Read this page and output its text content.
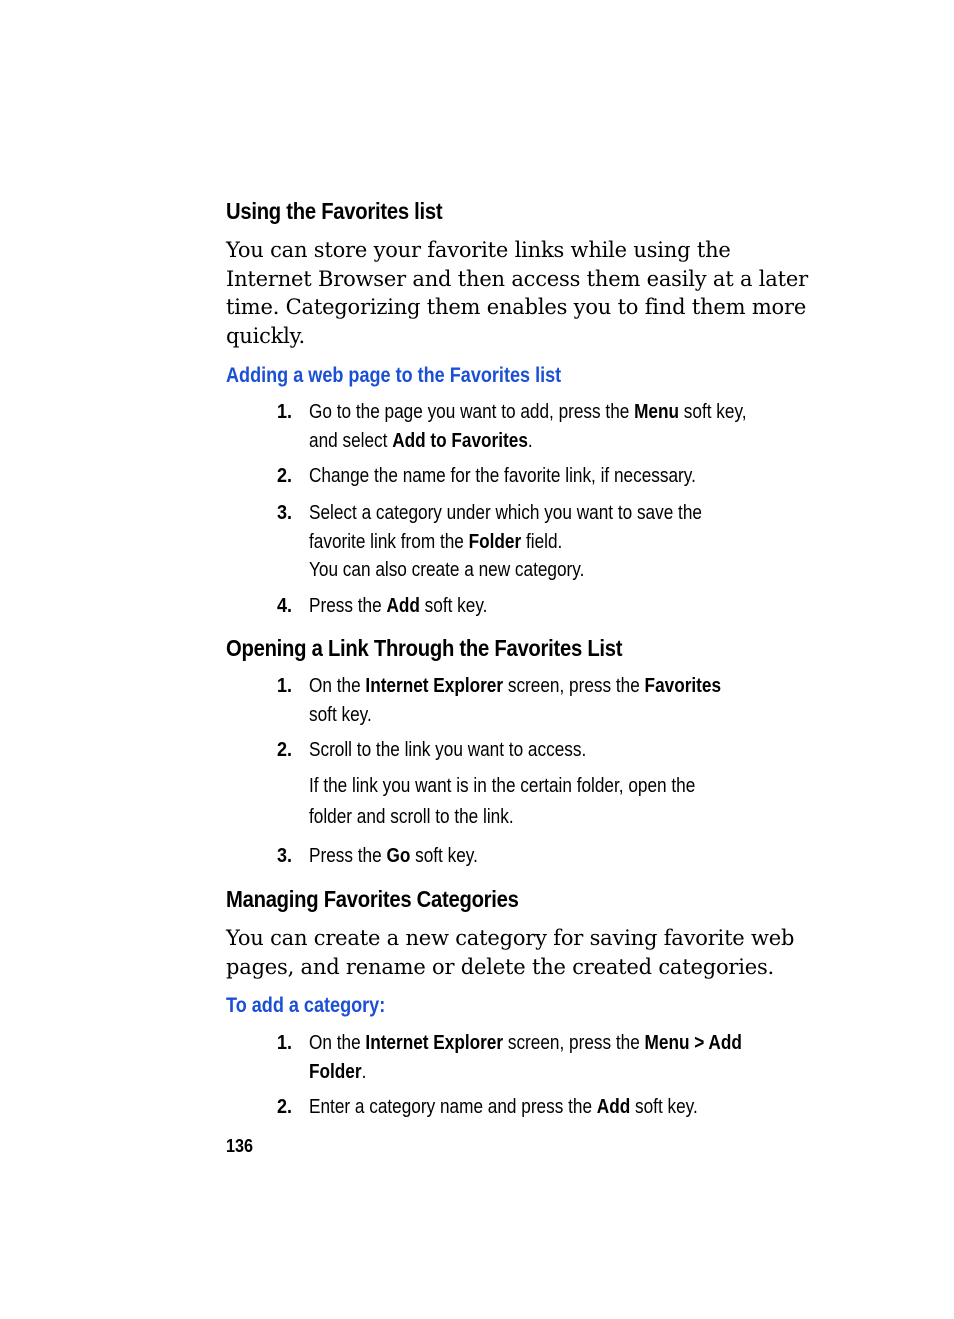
Using the Favorites list
You can store your favorite links while using the
Internet Browser and then access them easily at a later
time. Categorizing them enables you to find them more
quickly.
Adding a web page to the Favorites list
1. Go to the page you want to add, press the Menu soft key,
and select Add to Favorites.
2. Change the name for the favorite link, if necessary.
3. Select a category under which you want to save the
favorite link from the Folder field.
You can also create a new category.
4. Press the Add soft key.
Opening a Link Through the Favorites List
1. On the Internet Explorer screen, press the Favorites
soft key.
2. Scroll to the link you want to access.
If the link you want is in the certain folder, open the
folder and scroll to the link.
3. Press the Go soft key.
Managing Favorites Categories
You can create a new category for saving favorite web
pages, and rename or delete the created categories.
To add a category:
1. On the Internet Explorer screen, press the Menu > Add
Folder.
2. Enter a category name and press the Add soft key.
136
